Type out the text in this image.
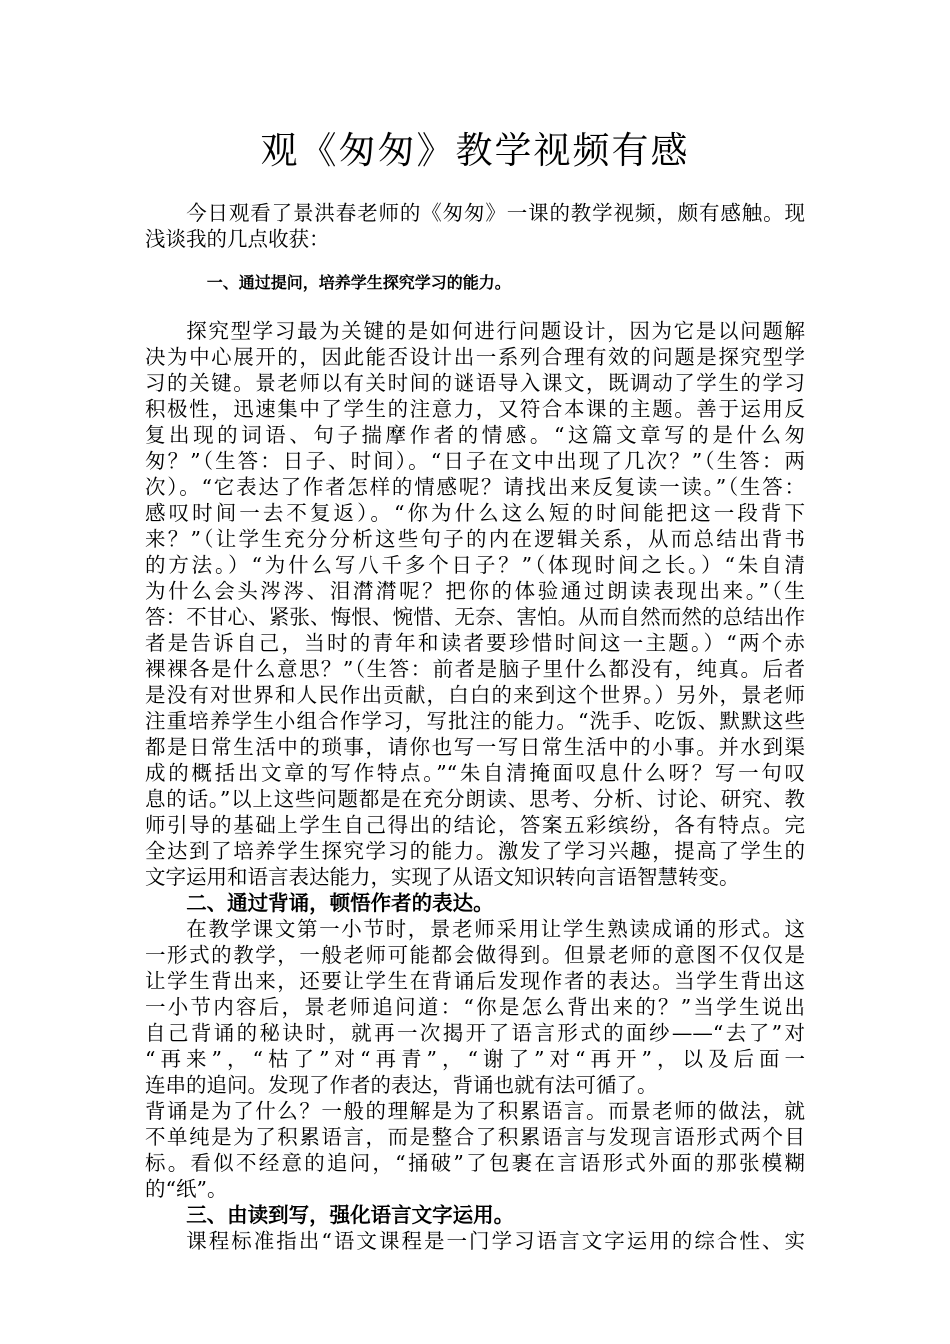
观《匆匆》教学视频有感
今日观看了景洪春老师的《匆匆》一课的教学视频，颇有感触。现
浅谈我的几点收获：
一、通过提问，培养学生探究学习的能力。
探究型学习最为关键的是如何进行问题设计，因为它是以问题解
决为中心展开的，因此能否设计出一系列合理有效的问题是探究型学
习的关键。景老师以有关时间的谜语导入课文，既调动了学生的学习
积极性，迅速集中了学生的注意力，又符合本课的主题。善于运用反
复出现的词语、句子揣摩作者的情感。“这篇文章写的是什么匆
匆？”（生答：日子、时间）。“日子在文中出现了几次？”（生答：两
次）。“它表达了作者怎样的情感呢？请找出来反复读一读。”（生答：
感叹时间一去不复返）。“你为什么这么短的时间能把这一段背下
来？”（让学生充分分析这些句子的内在逻辑关系，从而总结出背书
的方法。）“为什么写八千多个日子？”（体现时间之长。）“朱自清
为什么会头涔涔、泪潸潸呢？把你的体验通过朗读表现出来。”（生
答：不甘心、紧张、悔恨、惋惜、无奈、害怕。从而自然而然的总结出作
者是告诉自己，当时的青年和读者要珍惜时间这一主题。）“两个赤
裸裸各是什么意思？”（生答：前者是脑子里什么都没有，纯真。后者
是没有对世界和人民作出贡献，白白的来到这个世界。）另外，景老师
注重培养学生小组合作学习，写批注的能力。“洗手、吃饭、默默这些
都是日常生活中的琐事，请你也写一写日常生活中的小事。并水到渠
成的概括出文章的写作特点。”“朱自清掩面叹息什么呀？写一句叹
息的话。”以上这些问题都是在充分朗读、思考、分析、讨论、研究、教
师引导的基础上学生自己得出的结论，答案五彩缤纷，各有特点。完
全达到了培养学生探究学习的能力。激发了学习兴趣，提高了学生的
文字运用和语言表达能力，实现了从语文知识转向言语智慧转变。
二、通过背诵，顿悟作者的表达。
在教学课文第一小节时，景老师采用让学生熟读成诵的形式。这
一形式的教学，一般老师可能都会做得到。但景老师的意图不仅仅是
让学生背出来，还要让学生在背诵后发现作者的表达。当学生背出这
一小节内容后，景老师追问道：“你是怎么背出来的？”当学生说出
自己背诵的秘诀时，就再一次揭开了语言形式的面纱——“去了”对
“再来”，“枯了”对“再青”，“谢了”对“再开”，以及后面一
连串的追问。发现了作者的表达，背诵也就有法可循了。
背诵是为了什么？一般的理解是为了积累语言。而景老师的做法，就
不单纯是为了积累语言，而是整合了积累语言与发现言语形式两个目
标。看似不经意的追问，“捅破”了包裹在言语形式外面的那张模糊
的“纸”。
三、由读到写，强化语言文字运用。
课程标准指出“语文课程是一门学习语言文字运用的综合性、实
